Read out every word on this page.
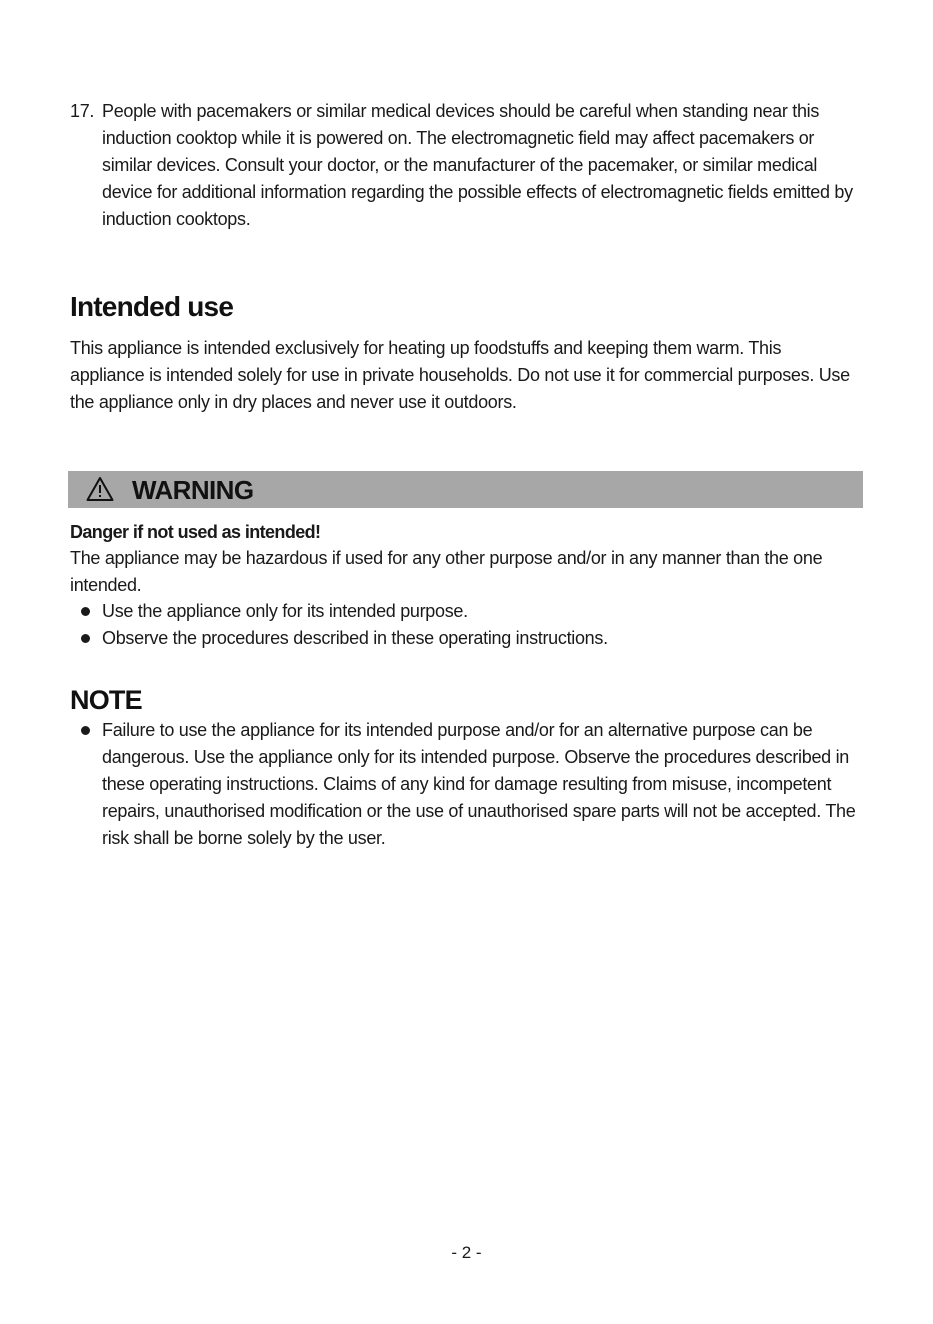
17. People with pacemakers or similar medical devices should be careful when standing near this induction cooktop while it is powered on. The electromagnetic field may affect pacemakers or similar devices. Consult your doctor, or the manufacturer of the pacemaker, or similar medical device for additional information regarding the possible effects of electromagnetic fields emitted by induction cooktops.
Intended use
This appliance is intended exclusively for heating up foodstuffs and keeping them warm. This appliance is intended solely for use in private households. Do not use it for commercial purposes. Use the appliance only in dry places and never use it outdoors.
WARNING
Danger if not used as intended!
The appliance may be hazardous if used for any other purpose and/or in any manner than the one intended.
Use the appliance only for its intended purpose.
Observe the procedures described in these operating instructions.
NOTE
Failure to use the appliance for its intended purpose and/or for an alternative purpose can be dangerous. Use the appliance only for its intended purpose. Observe the procedures described in these operating instructions. Claims of any kind for damage resulting from misuse, incompetent repairs, unauthorised modification or the use of unauthorised spare parts will not be accepted. The risk shall be borne solely by the user.
- 2 -
